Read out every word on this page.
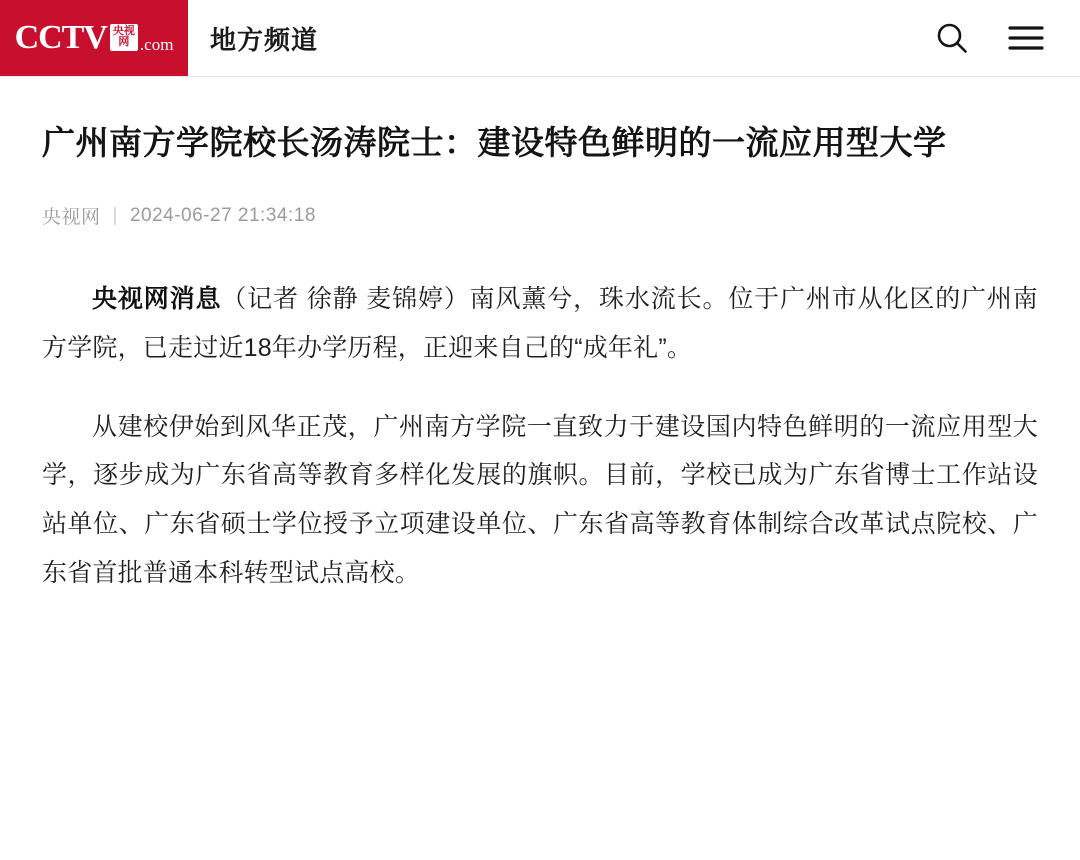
CCTV 央视
网 .com	地方频道
广州南方学院校长汤涛院士：建设特色鲜明的一流应用型大学
央视网 | 2024-06-27 21:34:18

央视网消息（记者 徐静 麦锦婷）南风薰兮，珠水流长。位于广州市从化区的广州南方学院，已走过近18年办学历程，正迎来自己的“成年礼”。

从建校伊始到风华正茂，广州南方学院一直致力于建设国内特色鲜明的一流应用型大学，逐步成为广东省高等教育多样化发展的旗帜。目前，学校已成为广东省博士工作站设站单位、广东省硕士学位授予立项建设单位、广东省高等教育体制综合改革试点院校、广东省首批普通本科转型试点高校。
